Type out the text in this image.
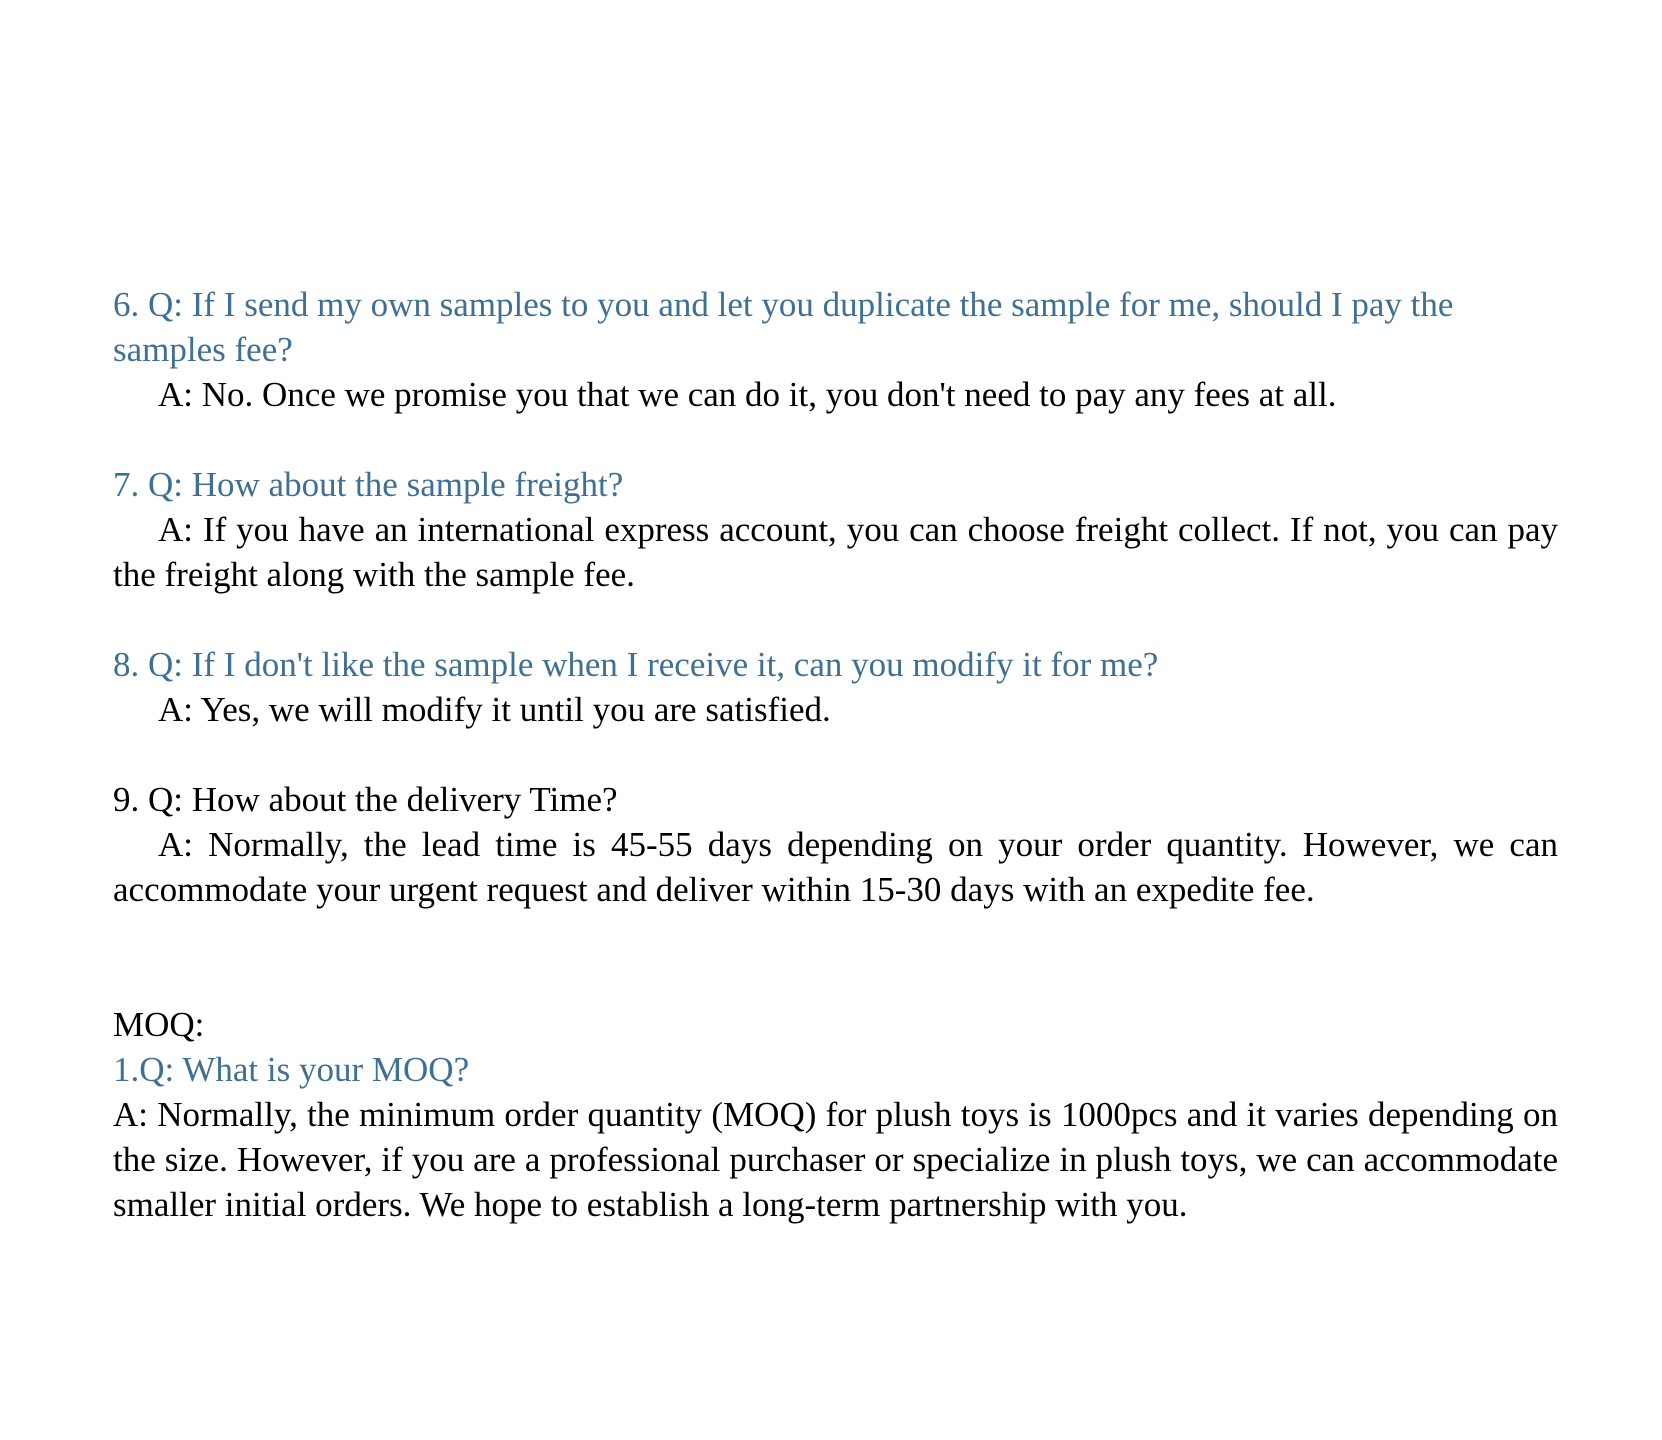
6. Q: If I send my own samples to you and let you duplicate the sample for me, should I pay the samples fee?

A: No. Once we promise you that we can do it, you don't need to pay any fees at all.

7. Q: How about the sample freight?

A: If you have an international express account, you can choose freight collect. If not, you can pay the freight along with the sample fee.

8. Q: If I don't like the sample when I receive it, can you modify it for me?

A: Yes, we will modify it until you are satisfied.

9. Q: How about the delivery Time?

A: Normally, the lead time is 45-55 days depending on your order quantity. However, we can accommodate your urgent request and deliver within 15-30 days with an expedite fee.

MOQ:

1.Q: What is your MOQ?

A: Normally, the minimum order quantity (MOQ) for plush toys is 1000pcs and it varies depending on the size. However, if you are a professional purchaser or specialize in plush toys, we can accommodate smaller initial orders. We hope to establish a long-term partnership with you.
